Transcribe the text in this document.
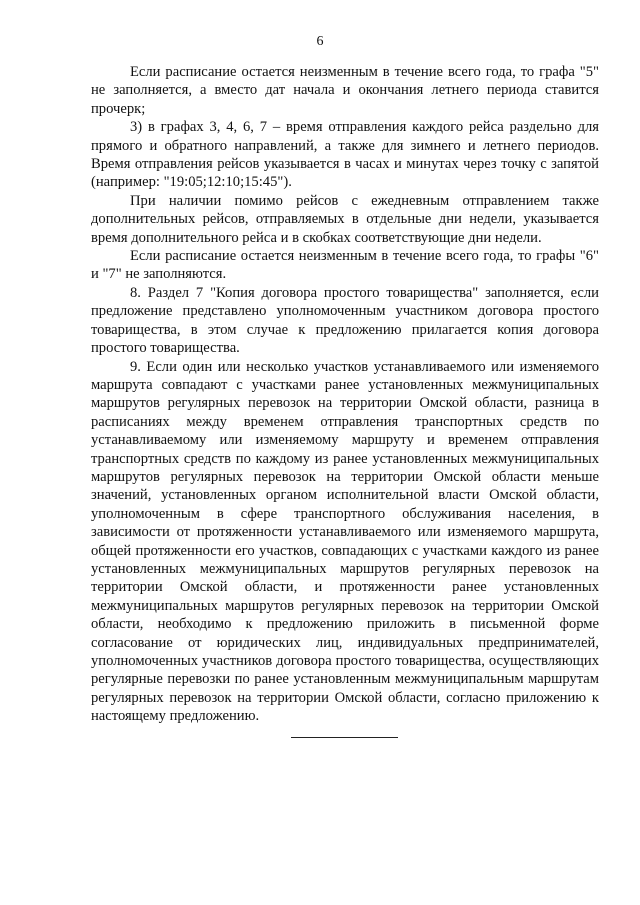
6

Если расписание остается неизменным в течение всего года, то графа "5" не заполняется, а вместо дат начала и окончания летнего периода ставится прочерк;

3) в графах 3, 4, 6, 7 – время отправления каждого рейса раздельно для прямого и обратного направлений, а также для зимнего и летнего периодов. Время отправления рейсов указывается в часах и минутах через точку с запятой (например: "19:05;12:10;15:45").

При наличии помимо рейсов с ежедневным отправлением также дополнительных рейсов, отправляемых в отдельные дни недели, указывается время дополнительного рейса и в скобках соответствующие дни недели.

Если расписание остается неизменным в течение всего года, то графы "6" и "7" не заполняются.

8. Раздел 7 "Копия договора простого товарищества" заполняется, если предложение представлено уполномоченным участником договора простого товарищества, в этом случае к предложению прилагается копия договора простого товарищества.

9. Если один или несколько участков устанавливаемого или изменяемого маршрута совпадают с участками ранее установленных межмуниципальных маршрутов регулярных перевозок на территории Омской области, разница в расписаниях между временем отправления транспортных средств по устанавливаемому или изменяемому маршруту и временем отправления транспортных средств по каждому из ранее установленных межмуниципальных маршрутов регулярных перевозок на территории Омской области меньше значений, установленных органом исполнительной власти Омской области, уполномоченным в сфере транспортного обслуживания населения, в зависимости от протяженности устанавливаемого или изменяемого маршрута, общей протяженности его участков, совпадающих с участками каждого из ранее установленных межмуниципальных маршрутов регулярных перевозок на территории Омской области, и протяженности ранее установленных межмуниципальных маршрутов регулярных перевозок на территории Омской области, необходимо к предложению приложить в письменной форме согласование от юридических лиц, индивидуальных предпринимателей, уполномоченных участников договора простого товарищества, осуществляющих регулярные перевозки по ранее установленным межмуниципальным маршрутам регулярных перевозок на территории Омской области, согласно приложению к настоящему предложению.
